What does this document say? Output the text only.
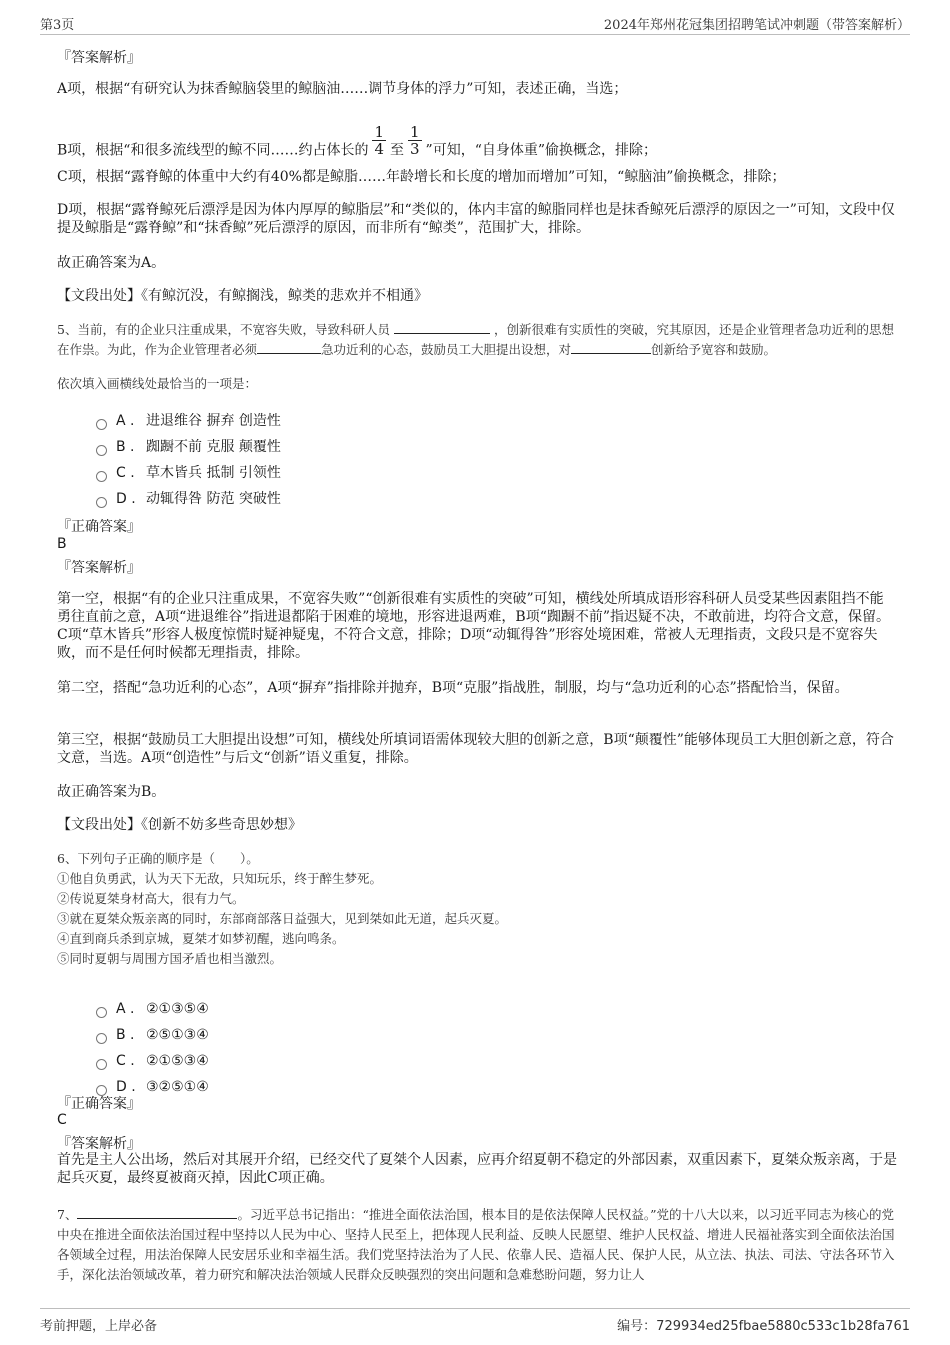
第3页	2024年郑州花冠集团招聘笔试冲刺题（带答案解析）
『答案解析』
A项，根据“有研究认为抹香鲸脑袋里的鲸脑油……调节身体的浮力”可知，表述正确，当选；
B项，根据“和很多流线型的鲸不同……约占体长的 $\frac{1}{4}$ 至 $\frac{1}{3}$ ”可知，“自身体重”偷换概念，排除；
C项，根据“露脊鲸的体重中大约有40%都是鲸脂……年龄增长和长度的增加而增加”可知，“鲸脑油”偷换概念，排除；
D项，根据“露脊鲸死后漂浮是因为体内厚厚的鲸脂层”和“类似的，体内丰富的鲸脂同样也是抹香鲸死后漂浮的原因之一”可知，文段中仅提及鲸脂是“露脊鲸”和“抹香鲸”死后漂浮的原因，而非所有“鲸类”，范围扩大，排除。
故正确答案为A。
【文段出处】《有鲸沉没，有鲸搁浅，鲸类的悲欢并不相通》
5、当前，有的企业只注重成果，不宽容失败，导致科研人员	，创新很难有实质性的突破，究其原因，还是企业管理者急功近利的思想在作祟。为此，作为企业管理者必须	急功近利的心态，鼓励员工大胆提出设想，对	创新给予宽容和鼓励。
依次填入画横线处最恰当的一项是：
A . 进退维谷 摒弃 创造性
B . 踟蹰不前 克服 颠覆性
C . 草木皆兵 抵制 引领性
D . 动辄得咎 防范 突破性
『正确答案』
B
『答案解析』
第一空，根据“有的企业只注重成果，不宽容失败”“创新很难有实质性的突破”可知，横线处所填成语形容科研人员受某些因素阻挡不能勇往直前之意，A项“进退维谷”指进退都陷于困难的境地，形容进退两难，B项“踟蹰不前”指迟疑不决，不敢前进，均符合文意，保留。C项“草木皆兵”形容人极度惊慌时疑神疑鬼，不符合文意，排除；D项“动辄得咎”形容处境困难，常被人无理指责，文段只是不宽容失败，而不是任何时候都无理指责，排除。
第二空，搭配“急功近利的心态”，A项“摒弃”指排除并抛弃，B项“克服”指战胜，制服，均与“急功近利的心态”搭配恰当，保留。
第三空，根据“鼓励员工大胆提出设想”可知，横线处所填词语需体现较大胆的创新之意，B项“颠覆性”能够体现员工大胆创新之意，符合文意，当选。A项“创造性”与后文“创新”语义重复，排除。
故正确答案为B。
【文段出处】《创新不妨多些奇思妙想》
6、下列句子正确的顺序是（　　）。
①他自负勇武，认为天下无敌，只知玩乐，终于醉生梦死。
②传说夏桀身材高大，很有力气。
③就在夏桀众叛亲离的同时，东部商部落日益强大，见到桀如此无道，起兵灭夏。
④直到商兵杀到京城，夏桀才如梦初醒，逃向鸣条。
⑤同时夏朝与周围方国矛盾也相当激烈。
A . ②①③⑤④
B . ②⑤①③④
C . ②①⑤③④
D . ③②⑤①④
『正确答案』
C
『答案解析』
首先是主人公出场，然后对其展开介绍，已经交代了夏桀个人因素，应再介绍夏朝不稳定的外部因素，双重因素下，夏桀众叛亲离，于是起兵灭夏，最终夏被商灭掉，因此C项正确。
7、	。习近平总书记指出：“推进全面依法治国，根本目的是依法保障人民权益。”党的十八大以来，以习近平同志为核心的党中央在推进全面依法治国过程中坚持以人民为中心、坚持人民至上，把体现人民利益、反映人民愿望、维护人民权益、增进人民福祉落实到全面依法治国各领域全过程，用法治保障人民安居乐业和幸福生活。我们党坚持法治为了人民、依靠人民、造福人民、保护人民，从立法、执法、司法、守法各环节入手，深化法治领域改革，着力研究和解决法治领域人民群众反映强烈的突出问题和急难愁盼问题，努力让人
考前押题，上岸必备	编号：729934ed25fbae5880c533c1b28fa761
